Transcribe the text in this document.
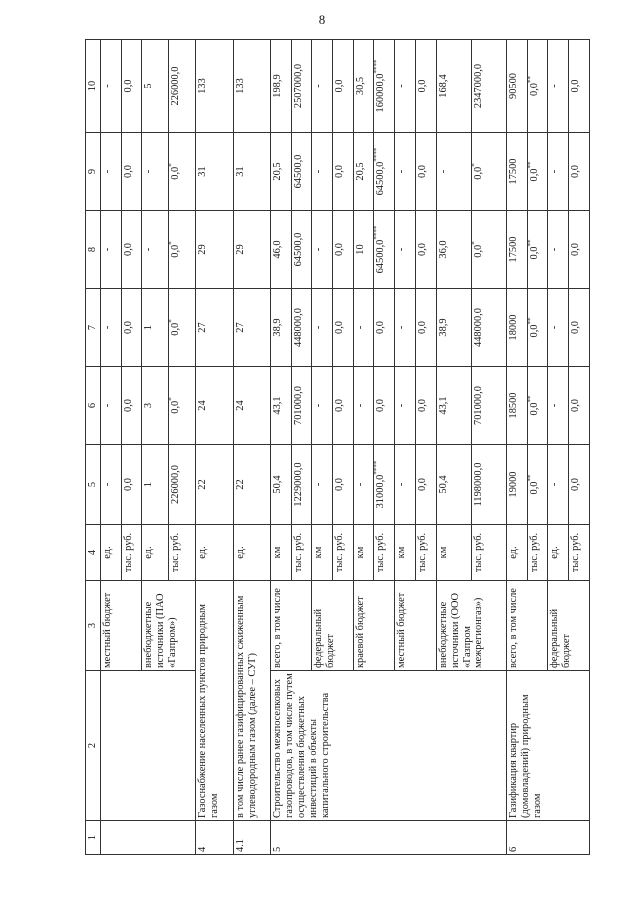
8
1	2	3	4	5	6	7	8	9	10
		местный бюджет	ед.	-	-	-	-	-	-
			тыс. руб.	0,0	0,0	0,0	0,0	0,0	0,0
		внебюджетные источники (ПАО «Газпром»)	ед.	1	3	1	-	-	5
			тыс. руб.	226000,0	0,0*	0,0*	0,0*	0,0*	226000,0
4	Газоснабжение населенных пунктов природным газом		ед.	22	24	27	29	31	133
4.1	в том числе ранее газифицированных сжиженным углеводородным газом (далее – СУГ)		ед.	22	24	27	29	31	133
5	Строительство межпоселковых газопроводов, в том числе путем осуществления бюджетных инвестиций в объекты капитального строительства	всего, в том числе	км	50,4	43,1	38,9	46,0	20,5	198,9
			тыс. руб.	1229000,0	701000,0	448000,0	64500,0	64500,0	2507000,0
		федеральный бюджет	км	-	-	-	-	-	-
			тыс. руб.	0,0	0,0	0,0	0,0	0,0	0,0
		краевой бюджет	км	-	-	-	10	20,5	30,5
			тыс. руб.	31000,0****	0,0	0,0	64500,0****	64500,0****	160000,0****
		местный бюджет	км	-	-	-	-	-	-
			тыс. руб.	0,0	0,0	0,0	0,0	0,0	0,0
		внебюджетные источники (ООО «Газпром межрегионгаз»)	км	50,4	43,1	38,9	36,0	-	168,4
			тыс. руб.	1198000,0	701000,0	448000,0	0,0*	0,0*	2347000,0
6	Газификация квартир (домовладений) природным газом	всего, в том числе	ед.	19000	18500	18000	17500	17500	90500
			тыс. руб.	0,0**	0,0**	0,0**	0,0**	0,0**	0,0**
		федеральный бюджет	ед.	-	-	-	-	-	-
			тыс. руб.	0,0	0,0	0,0	0,0	0,0	0,0
